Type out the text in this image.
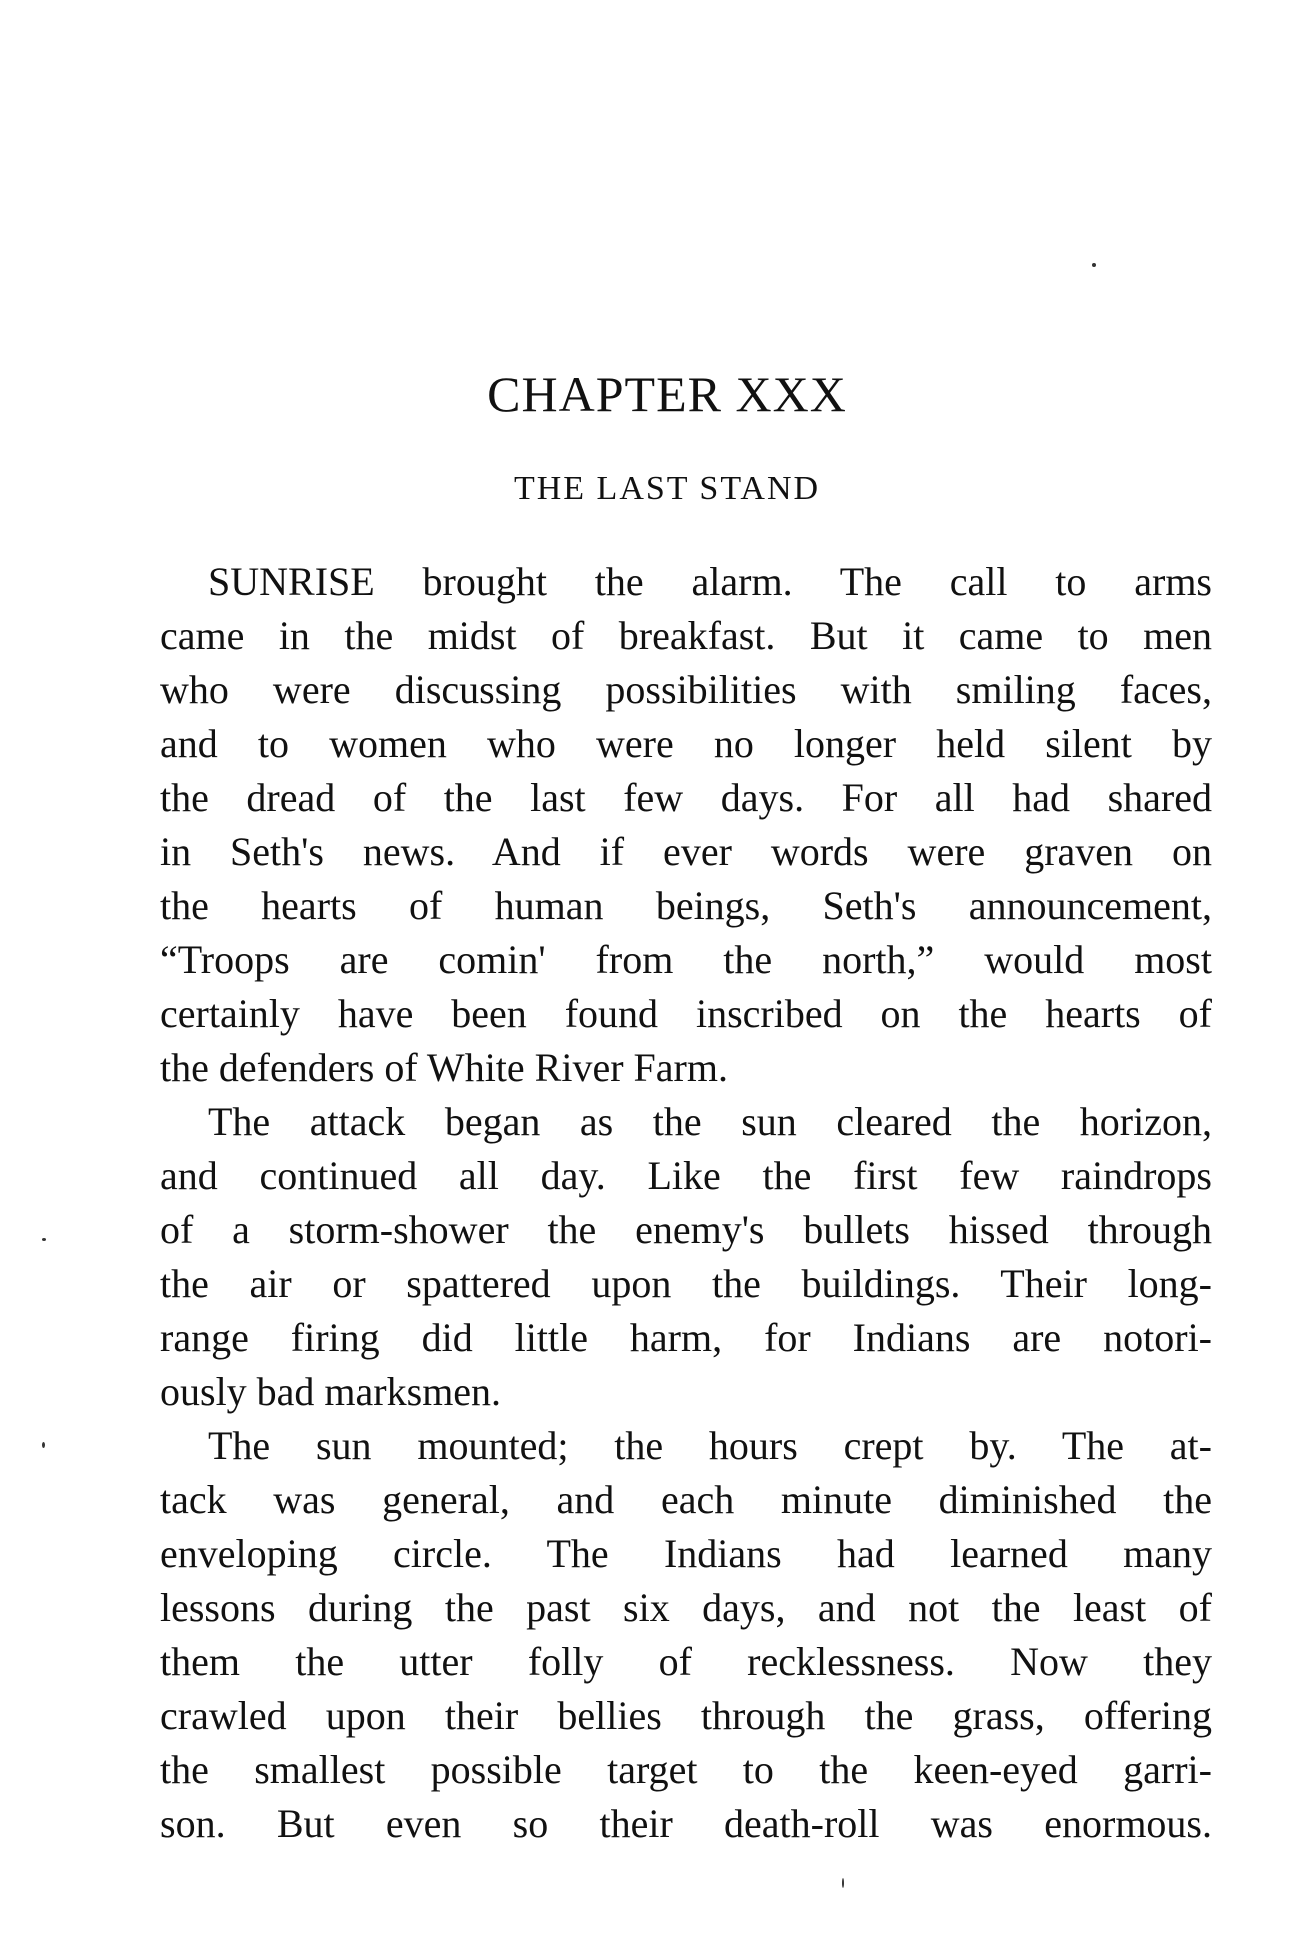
CHAPTER XXX
THE LAST STAND
SUNRISE brought the alarm. The call to arms
came in the midst of breakfast. But it came to men
who were discussing possibilities with smiling faces,
and to women who were no longer held silent by
the dread of the last few days. For all had shared
in Seth's news. And if ever words were graven on
the hearts of human beings, Seth's announcement,
“Troops are comin' from the north,” would most
certainly have been found inscribed on the hearts of
the defenders of White River Farm.
The attack began as the sun cleared the horizon,
and continued all day. Like the first few raindrops
of a storm-shower the enemy's bullets hissed through
the air or spattered upon the buildings. Their long-
range firing did little harm, for Indians are notori-
ously bad marksmen.
The sun mounted; the hours crept by. The at-
tack was general, and each minute diminished the
enveloping circle. The Indians had learned many
lessons during the past six days, and not the least of
them the utter folly of recklessness. Now they
crawled upon their bellies through the grass, offering
the smallest possible target to the keen-eyed garri-
son. But even so their death-roll was enormous.
